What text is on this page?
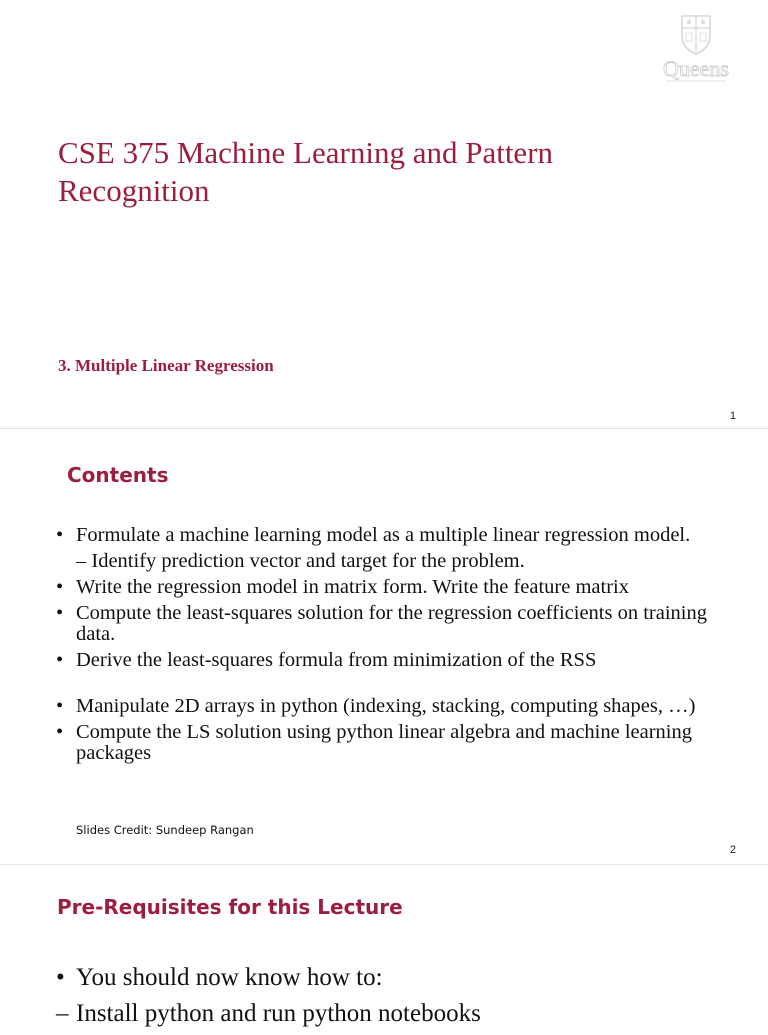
Queens
CSE 375 Machine Learning and Pattern Recognition
3. Multiple Linear Regression
1
Contents
• Formulate a machine learning model as a multiple linear regression model.
– Identify prediction vector and target for the problem.
• Write the regression model in matrix form. Write the feature matrix
• Compute the least-squares solution for the regression coefficients on training data.
• Derive the least-squares formula from minimization of the RSS
• Manipulate 2D arrays in python (indexing, stacking, computing shapes, …)
• Compute the LS solution using python linear algebra and machine learning packages

Slides Credit: Sundeep Rangan

2
Pre-Requisites for this Lecture
• You should now know how to:
– Install python and run python notebooks
